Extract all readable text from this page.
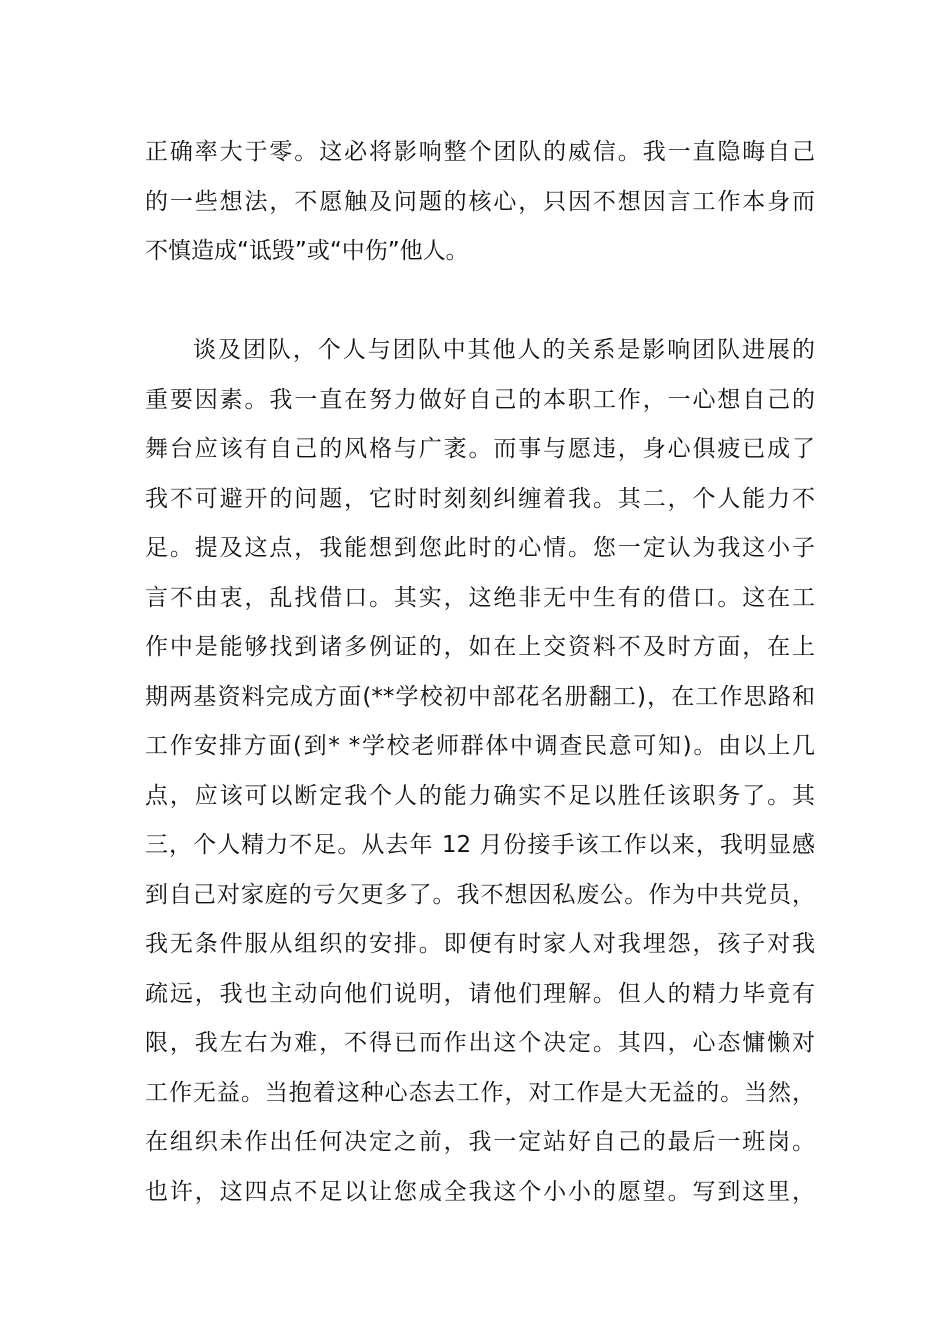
正确率大于零。这必将影响整个团队的威信。我一直隐晦自己
的一些想法，不愿触及问题的核心，只因不想因言工作本身而
不慎造成“诋毁”或“中伤”他人。
谈及团队，个人与团队中其他人的关系是影响团队进展的
重要因素。我一直在努力做好自己的本职工作，一心想自己的
舞台应该有自己的风格与广袤。而事与愿违，身心俱疲已成了
我不可避开的问题，它时时刻刻纠缠着我。其二，个人能力不
足。提及这点，我能想到您此时的心情。您一定认为我这小子
言不由衷，乱找借口。其实，这绝非无中生有的借口。这在工
作中是能够找到诸多例证的，如在上交资料不及时方面，在上
期两基资料完成方面(**学校初中部花名册翻工)，在工作思路和
工作安排方面(到* *学校老师群体中调查民意可知)。由以上几
点，应该可以断定我个人的能力确实不足以胜任该职务了。其
三，个人精力不足。从去年 12 月份接手该工作以来，我明显感
到自己对家庭的亏欠更多了。我不想因私废公。作为中共党员，
我无条件服从组织的安排。即便有时家人对我埋怨，孩子对我
疏远，我也主动向他们说明，请他们理解。但人的精力毕竟有
限，我左右为难，不得已而作出这个决定。其四，心态慵懒对
工作无益。当抱着这种心态去工作，对工作是大无益的。当然，
在组织未作出任何决定之前，我一定站好自己的最后一班岗。
也许，这四点不足以让您成全我这个小小的愿望。写到这里，
